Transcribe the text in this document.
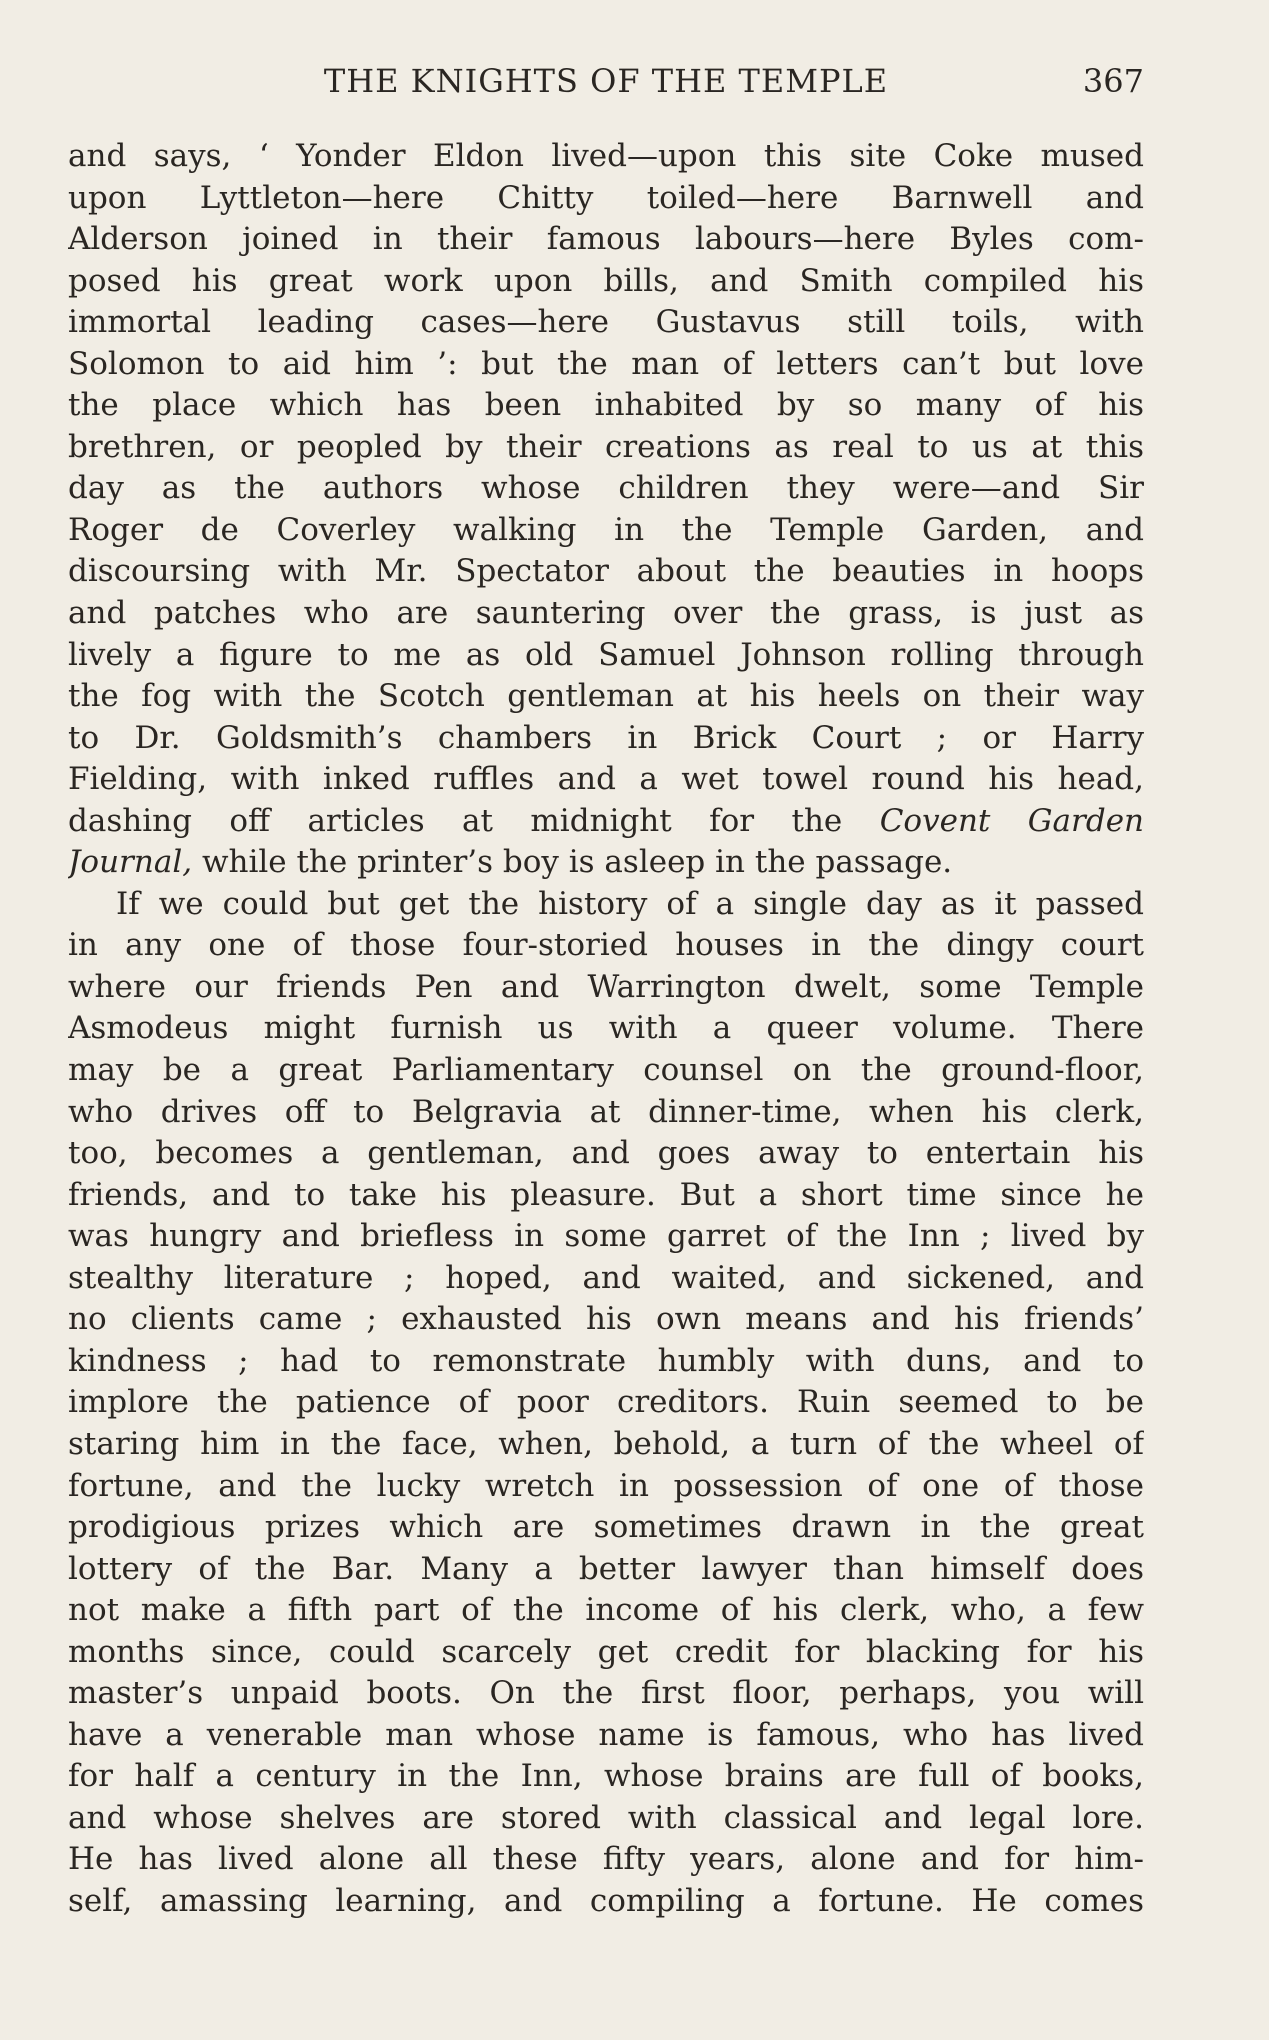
THE KNIGHTS OF THE TEMPLE	367
and says, ‘ Yonder Eldon lived—upon this site Coke mused
upon Lyttleton—here Chitty toiled—here Barnwell and
Alderson joined in their famous labours—here Byles com-
posed his great work upon bills, and Smith compiled his
immortal leading cases—here Gustavus still toils, with
Solomon to aid him ’: but the man of letters can’t but love
the place which has been inhabited by so many of his
brethren, or peopled by their creations as real to us at this
day as the authors whose children they were—and Sir
Roger de Coverley walking in the Temple Garden, and
discoursing with Mr. Spectator about the beauties in hoops
and patches who are sauntering over the grass, is just as
lively a figure to me as old Samuel Johnson rolling through
the fog with the Scotch gentleman at his heels on their way
to Dr. Goldsmith’s chambers in Brick Court ; or Harry
Fielding, with inked ruffles and a wet towel round his head,
dashing off articles at midnight for the Covent Garden
Journal, while the printer’s boy is asleep in the passage.
If we could but get the history of a single day as it passed
in any one of those four-storied houses in the dingy court
where our friends Pen and Warrington dwelt, some Temple
Asmodeus might furnish us with a queer volume. There
may be a great Parliamentary counsel on the ground-floor,
who drives off to Belgravia at dinner-time, when his clerk,
too, becomes a gentleman, and goes away to entertain his
friends, and to take his pleasure. But a short time since he
was hungry and briefless in some garret of the Inn ; lived by
stealthy literature ; hoped, and waited, and sickened, and
no clients came ; exhausted his own means and his friends’
kindness ; had to remonstrate humbly with duns, and to
implore the patience of poor creditors. Ruin seemed to be
staring him in the face, when, behold, a turn of the wheel of
fortune, and the lucky wretch in possession of one of those
prodigious prizes which are sometimes drawn in the great
lottery of the Bar. Many a better lawyer than himself does
not make a fifth part of the income of his clerk, who, a few
months since, could scarcely get credit for blacking for his
master’s unpaid boots. On the first floor, perhaps, you will
have a venerable man whose name is famous, who has lived
for half a century in the Inn, whose brains are full of books,
and whose shelves are stored with classical and legal lore.
He has lived alone all these fifty years, alone and for him-
self, amassing learning, and compiling a fortune. He comes
